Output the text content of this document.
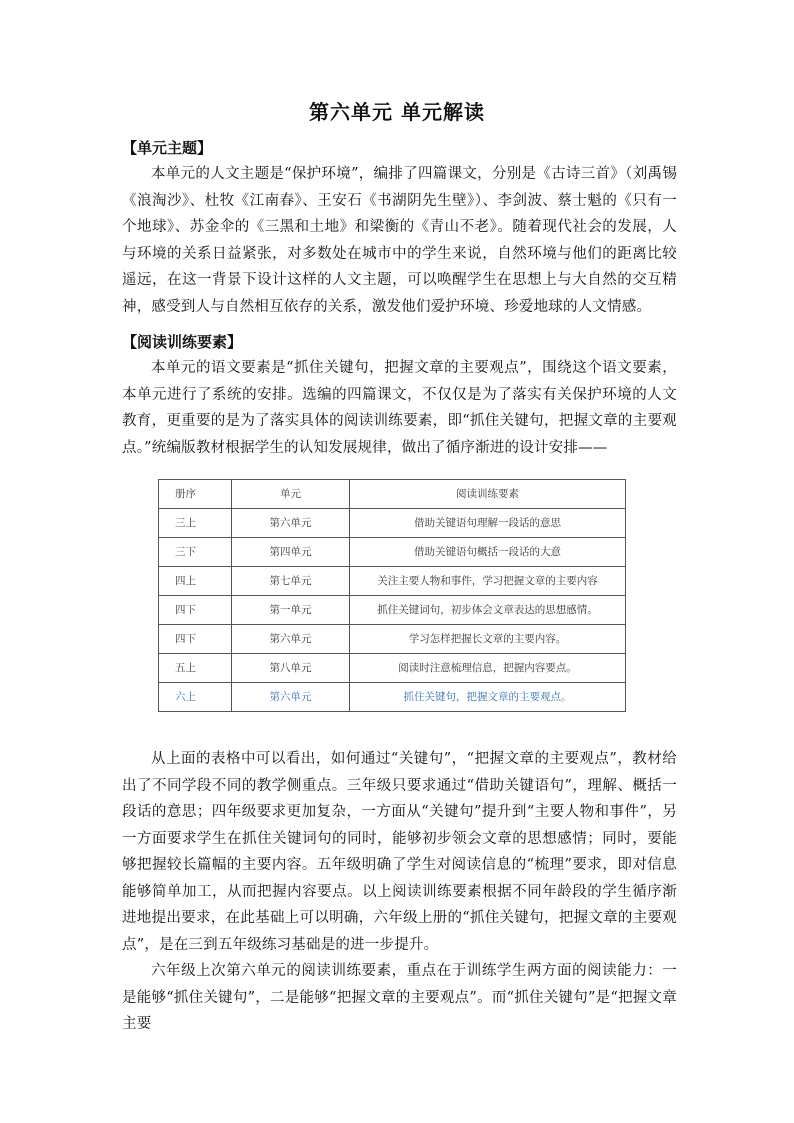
第六单元 单元解读

【单元主题】

本单元的人文主题是“保护环境”，编排了四篇课文，分别是《古诗三首》（刘禹锡《浪淘沙》、杜牧《江南春》、王安石《书湖阴先生壁》）、李剑波、蔡士魁的《只有一个地球》、苏金伞的《三黑和土地》和梁衡的《青山不老》。随着现代社会的发展，人与环境的关系日益紧张，对多数处在城市中的学生来说，自然环境与他们的距离比较遥远，在这一背景下设计这样的人文主题，可以唤醒学生在思想上与大自然的交互精神，感受到人与自然相互依存的关系，激发他们爱护环境、珍爱地球的人文情感。

【阅读训练要素】

本单元的语文要素是“抓住关键句，把握文章的主要观点”，围绕这个语文要素，本单元进行了系统的安排。选编的四篇课文，不仅仅是为了落实有关保护环境的人文教育，更重要的是为了落实具体的阅读训练要素，即“抓住关键句，把握文章的主要观点。”统编版教材根据学生的认知发展规律，做出了循序渐进的设计安排——

册序	单元	阅读训练要素
三上	第六单元	借助关键语句理解一段话的意思
三下	第四单元	借助关键语句概括一段话的大意
四上	第七单元	关注主要人物和事件，学习把握文章的主要内容
四下	第一单元	抓住关键词句，初步体会文章表达的思想感情。
四下	第六单元	学习怎样把握长文章的主要内容。
五上	第八单元	阅读时注意梳理信息，把握内容要点。
六上	第六单元	抓住关键句，把握文章的主要观点。

从上面的表格中可以看出，如何通过“关键句”，“把握文章的主要观点”，教材给出了不同学段不同的教学侧重点。三年级只要求通过“借助关键语句”，理解、概括一段话的意思；四年级要求更加复杂，一方面从“关键句”提升到“主要人物和事件”，另一方面要求学生在抓住关键词句的同时，能够初步领会文章的思想感情；同时，要能够把握较长篇幅的主要内容。五年级明确了学生对阅读信息的“梳理”要求，即对信息能够简单加工，从而把握内容要点。以上阅读训练要素根据不同年龄段的学生循序渐进地提出要求，在此基础上可以明确，六年级上册的“抓住关键句，把握文章的主要观点”，是在三到五年级练习基础是的进一步提升。

六年级上次第六单元的阅读训练要素，重点在于训练学生两方面的阅读能力：一是能够“抓住关键句”，二是能够“把握文章的主要观点”。而“抓住关键句”是“把握文章主要
